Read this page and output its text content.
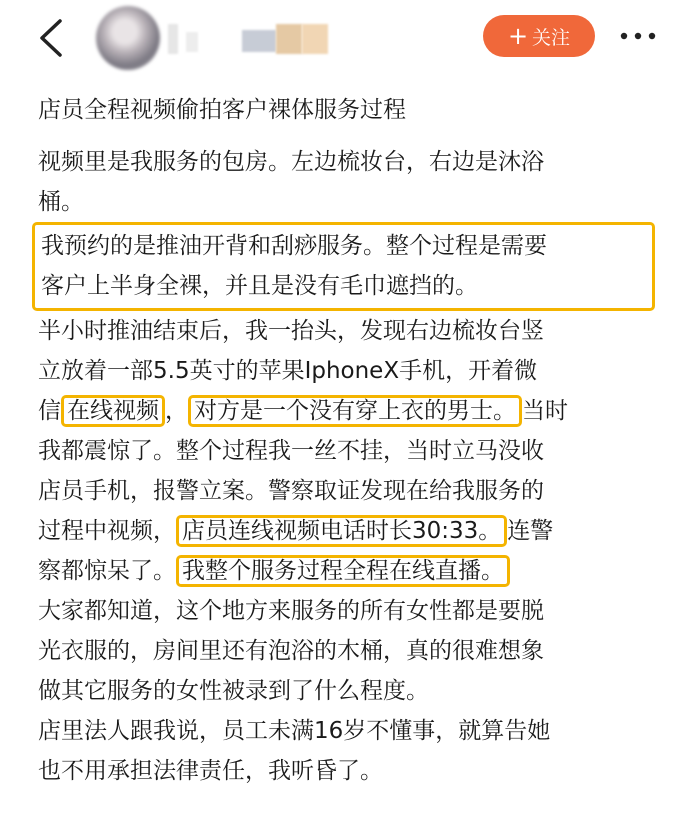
+ 关注
店员全程视频偷拍客户裸体服务过程
视频里是我服务的包房。左边梳妆台，右边是沐浴
桶。
我预约的是推油开背和刮痧服务。整个过程是需要
客户上半身全裸，并且是没有毛巾遮挡的。
半小时推油结束后，我一抬头，发现右边梳妆台竖
立放着一部5.5英寸的苹果IphoneX手机，开着微
信 在线视频 ， 对方是一个没有穿上衣的男士。 当时
我都震惊了。整个过程我一丝不挂，当时立马没收
店员手机，报警立案。警察取证发现在给我服务的
过程中视频， 店员连线视频电话时长30:33。 连警
察都惊呆了。 我整个服务过程全程在线直播。
大家都知道，这个地方来服务的所有女性都是要脱
光衣服的，房间里还有泡浴的木桶，真的很难想象
做其它服务的女性被录到了什么程度。
店里法人跟我说，员工未满16岁不懂事，就算告她
也不用承担法律责任，我听昏了。
